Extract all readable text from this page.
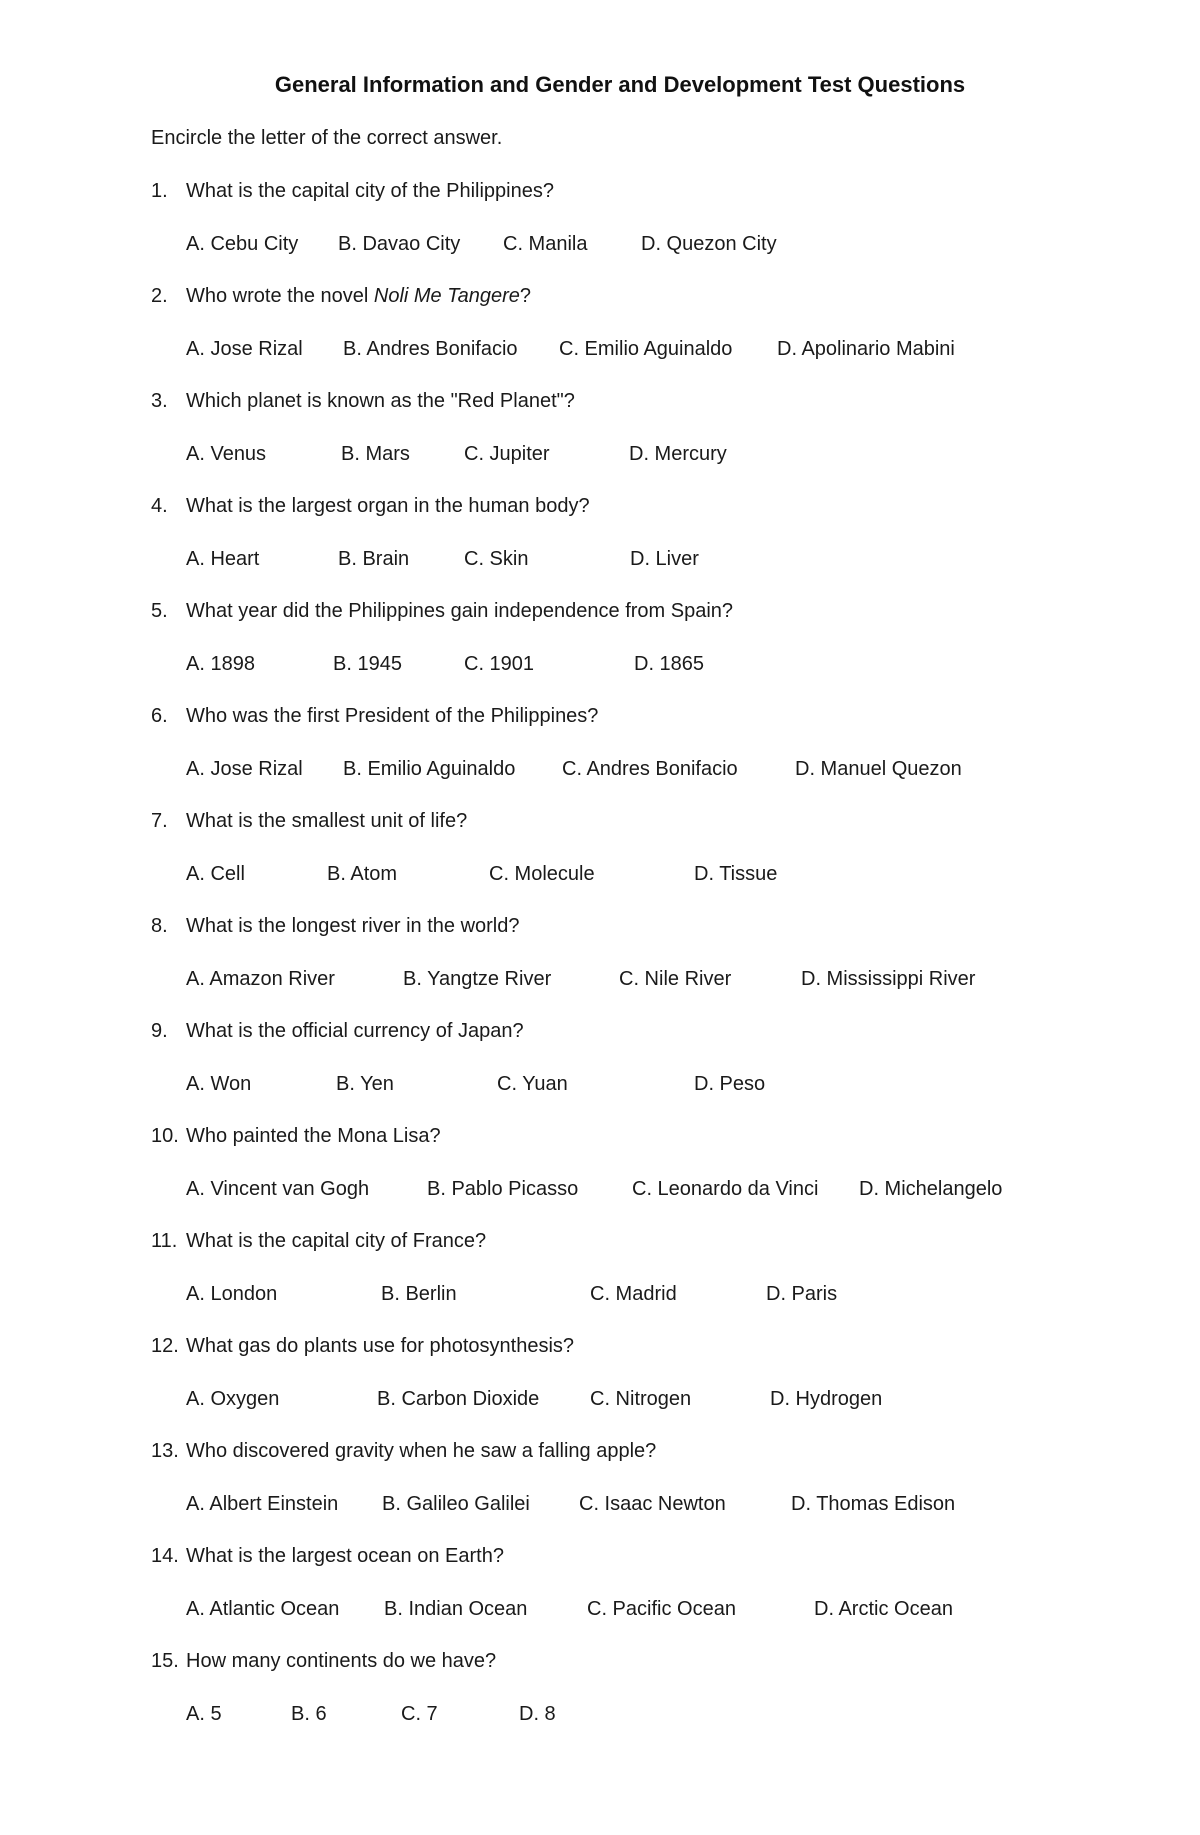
General Information and Gender and Development Test Questions
Encircle the letter of the correct answer.
1. What is the capital city of the Philippines?
A. Cebu City B. Davao City C. Manila	D. Quezon City
2. Who wrote the novel Noli Me Tangere?
A. Jose Rizal B. Andres Bonifacio C. Emilio Aguinaldo D. Apolinario Mabini
3. Which planet is known as the "Red Planet"?
A. Venus	B. Mars	C. Jupiter	D. Mercury
4. What is the largest organ in the human body?
A. Heart	B. Brain	C. Skin	D. Liver
5. What year did the Philippines gain independence from Spain?
A. 1898	B. 1945	C. 1901	D. 1865
6. Who was the first President of the Philippines?
A. Jose Rizal B. Emilio Aguinaldo C. Andres Bonifacio	D. Manuel Quezon
7. What is the smallest unit of life?
A. Cell	B. Atom	C. Molecule	D. Tissue
8. What is the longest river in the world?
A. Amazon River	B. Yangtze River	C. Nile River	D. Mississippi River
9. What is the official currency of Japan?
A. Won	B. Yen	C. Yuan	D. Peso
10. Who painted the Mona Lisa?
A. Vincent van Gogh	B. Pablo Picasso	C. Leonardo da Vinci D. Michelangelo
11. What is the capital city of France?
A. London	B. Berlin	C. Madrid	D. Paris
12. What gas do plants use for photosynthesis?
A. Oxygen	B. Carbon Dioxide	C. Nitrogen	D. Hydrogen
13. Who discovered gravity when he saw a falling apple?
A. Albert Einstein B. Galileo Galilei C. Isaac Newton	D. Thomas Edison
14. What is the largest ocean on Earth?
A. Atlantic Ocean B. Indian Ocean	C. Pacific Ocean	D. Arctic Ocean
15. How many continents do we have?
A. 5	B. 6	C. 7	D. 8
